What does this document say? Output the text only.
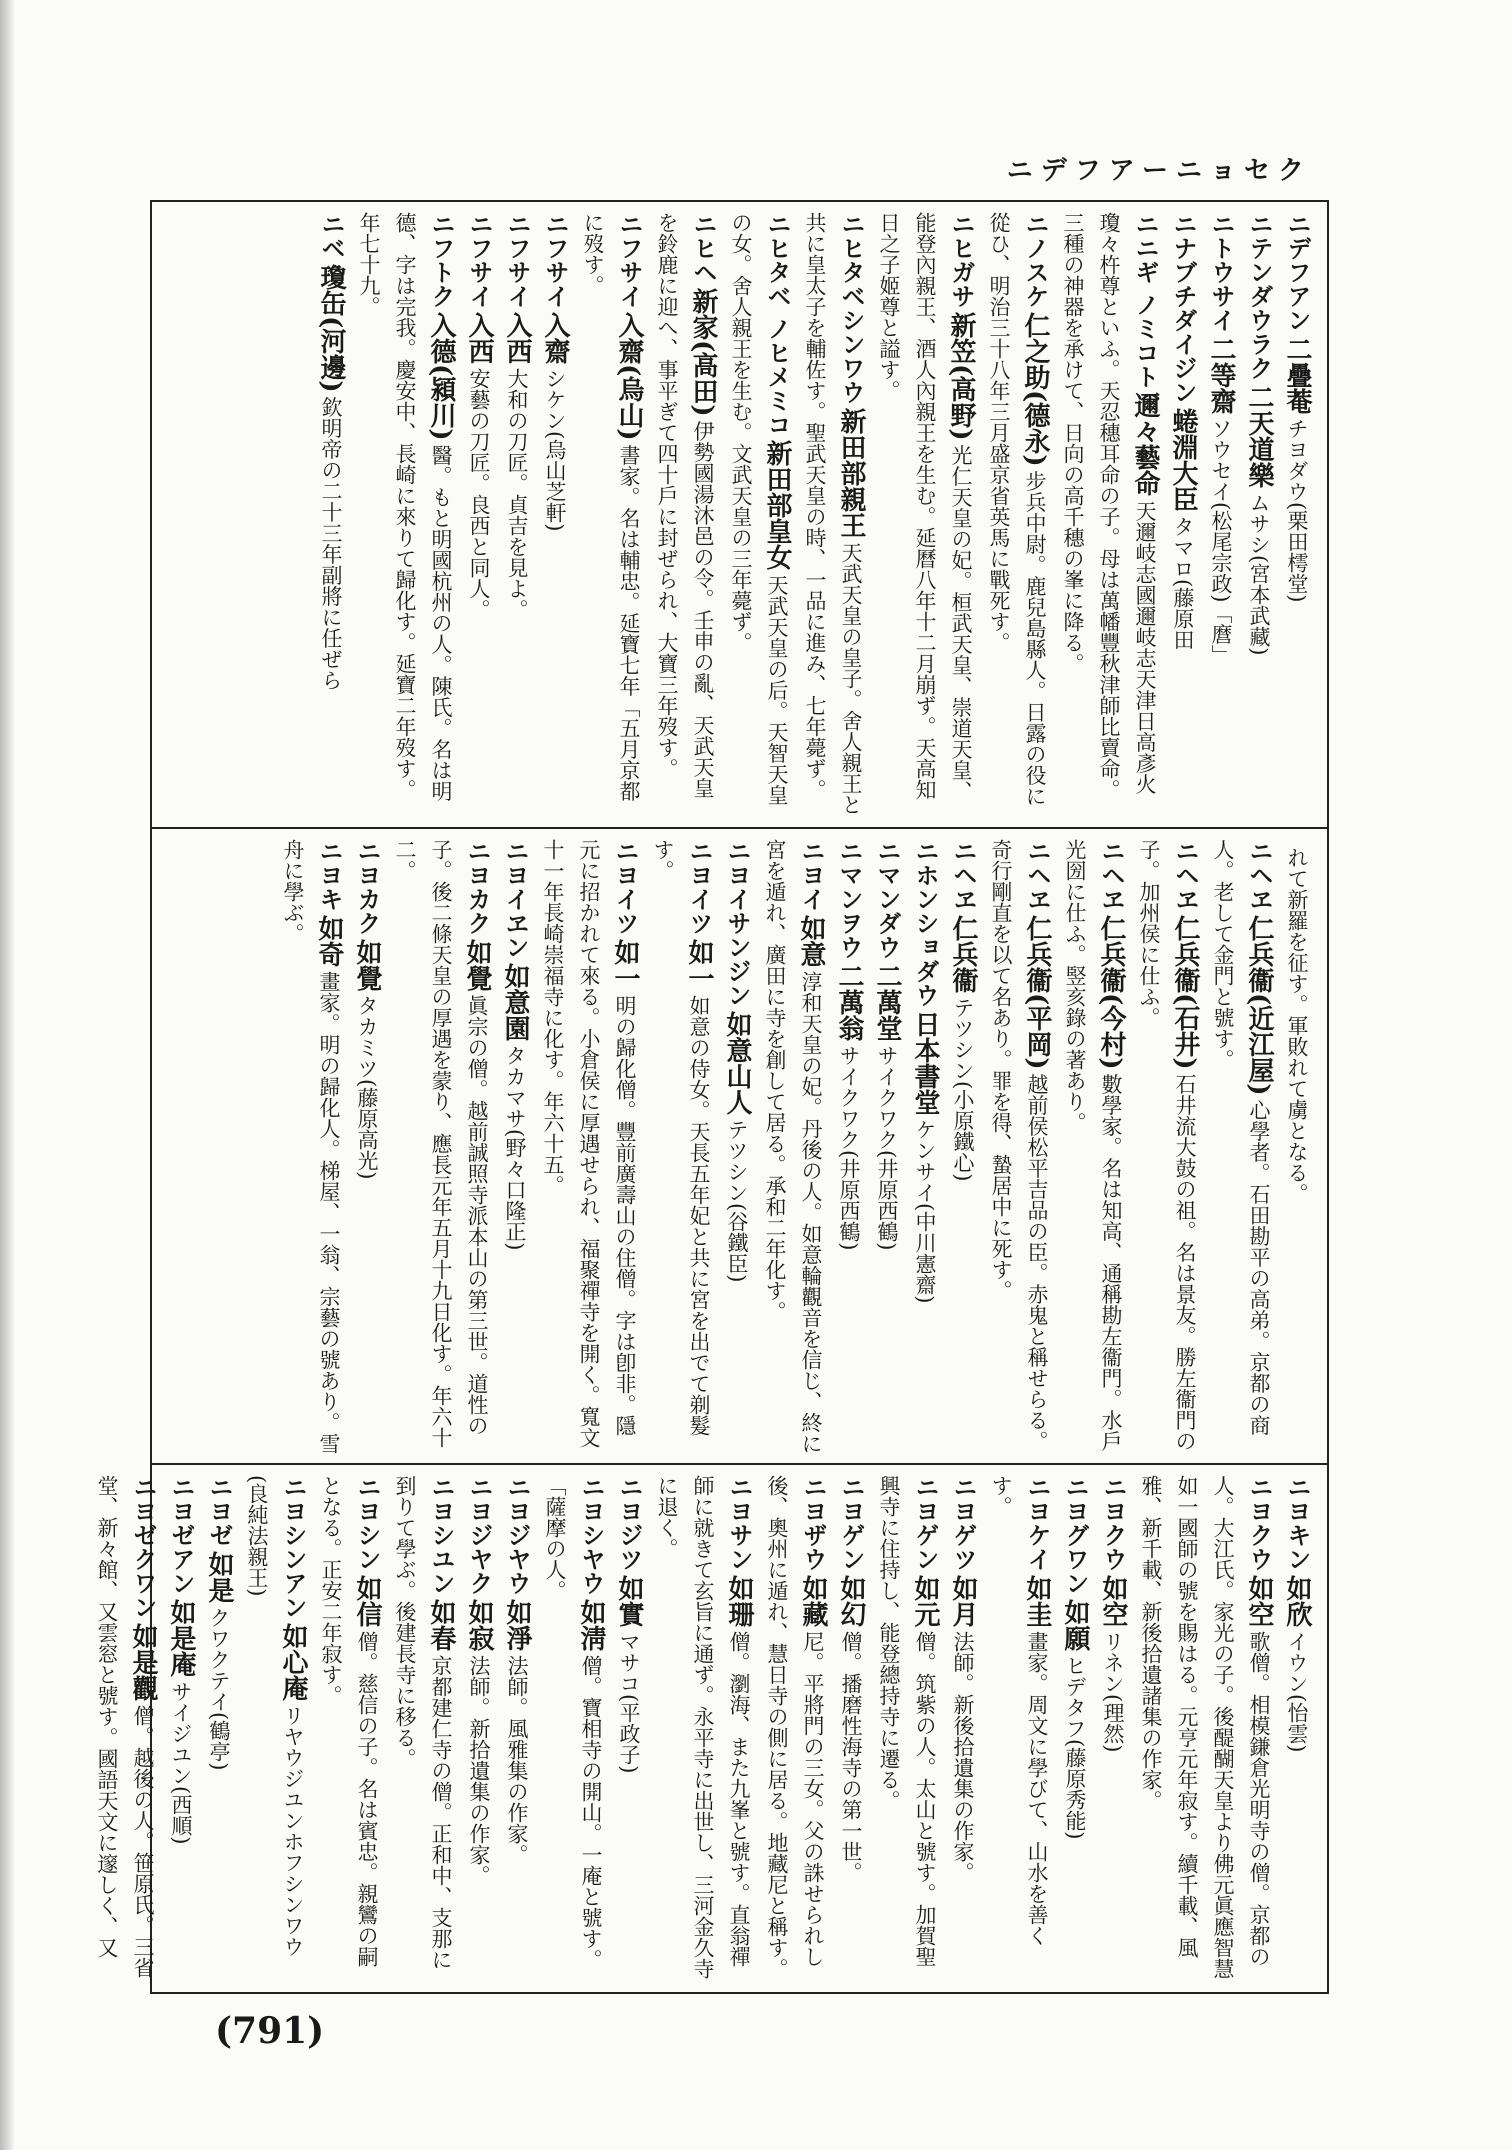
ニデフアーニョセク
ニデフアン二疊菴チヨダウ(栗田樗堂)
ニテンダウラク二天道樂ムサシ(宮本武藏)
ニトウサイ二等齋ソウセイ(松尾宗政)「麿」
ニナブチダイジン蜷淵大臣タマロ(藤原田
ニニギ ノミコト邇々藝命天邇岐志國邇岐志天津日高彥火瓊々杵尊といふ。天忍穗耳命の子。母は萬幡豐秋津師比賣命。三種の神器を承けて、日向の高千穗の峯に降る。
ニノスケ仁之助(德永)步兵中尉。鹿兒島縣人。日露の役に從ひ、明治三十八年三月盛京省英馬に戰死す。
ニヒガサ新笠(高野)光仁天皇の妃。桓武天皇、崇道天皇、能登內親王、酒人內親王を生む。延曆八年十二月崩ず。天高知日之子姬尊と謚す。
ニヒタベシンワウ新田部親王天武天皇の皇子。舍人親王と共に皇太子を輔佐す。聖武天皇の時、一品に進み、七年薨ず。
ニヒタベ ノヒメミコ新田部皇女天武天皇の后。天智天皇の女。舍人親王を生む。文武天皇の三年薨ず。
ニヒヘ新家(高田)伊勢國湯沐邑の令。壬申の亂、天武天皇を鈴鹿に迎へ、事平ぎて四十戶に封ぜられ、大寶三年歿す。
ニフサイ入齋(烏山)書家。名は輔忠。延寶七年「五月京都に歿す。
ニフサイ入齋シケン(烏山芝軒)
ニフサイ入西大和の刀匠。貞吉を見よ。
ニフサイ入西安藝の刀匠。良西と同人。
ニフトク入德(潁川)醫。もと明國杭州の人。陳氏。名は明德、字は完我。慶安中、長崎に來りて歸化す。延寶二年歿す。年七十九。
ニベ瓊缶(河邊)欽明帝の二十三年副將に任ぜら
れて新羅を征す。軍敗れて虜となる。
ニヘヱ仁兵衞(近江屋)心學者。石田勘平の高弟。京都の商人。老して金門と號す。
ニヘヱ仁兵衞(石井)石井流大鼓の祖。名は景友。勝左衞門の子。加州侯に仕ふ。
ニヘヱ仁兵衞(今村)數學家。名は知高、通稱勘左衞門。水戶光圀に仕ふ。竪亥錄の著あり。
ニヘヱ仁兵衞(平岡)越前侯松平吉品の臣。赤鬼と稱せらる。奇行剛直を以て名あり。罪を得、蟄居中に死す。
ニヘヱ仁兵衞テツシン(小原鐵心)
ニホンショダウ日本書堂ケンサイ(中川憲齋)
ニマンダウ二萬堂サイクワク(井原西鶴)
ニマンヲウ二萬翁サイクワク(井原西鶴)
ニヨイ如意淳和天皇の妃。丹後の人。如意輪觀音を信じ、終に宮を遁れ、廣田に寺を創して居る。承和二年化す。
ニヨイサンジン如意山人テツシン(谷鐵臣)
ニヨイツ如一如意の侍女。天長五年妃と共に宮を出でて剃髮す。
ニヨイツ如一明の歸化僧。豐前廣壽山の住僧。字は卽非。隱元に招かれて來る。小倉侯に厚遇せられ、福聚禪寺を開く。寬文十一年長崎崇福寺に化す。年六十五。
ニヨイヱン如意園タカマサ(野々口隆正)
ニヨカク如覺眞宗の僧。越前誠照寺派本山の第三世。道性の子。後二條天皇の厚遇を蒙り、應長元年五月十九日化す。年六十二。
ニヨカク如覺タカミツ(藤原高光)
ニヨキ如奇畫家。明の歸化人。梯屋、一翁、宗藝の號あり。雪舟に學ぶ。
ニヨキン如欣イウン(怡雲)
ニヨクウ如空歌僧。相模鎌倉光明寺の僧。京都の人。大江氏。家光の子。後醍醐天皇より佛元眞應智慧如一國師の號を賜はる。元亨元年寂す。續千載、風雅、新千載、新後拾遺諸集の作家。
ニヨクウ如空リネン(理然)
ニヨグワン如願ヒデタフ(藤原秀能)
ニヨケイ如圭畫家。周文に學びて、山水を善くす。
ニヨゲツ如月法師。新後拾遺集の作家。
ニヨゲン如元僧。筑紫の人。太山と號す。加賀聖興寺に住持し、能登總持寺に遷る。
ニヨゲン如幻僧。播磨性海寺の第一世。
ニヨザウ如藏尼。平將門の三女。父の誅せられし後、奧州に遁れ、慧日寺の側に居る。地藏尼と稱す。
ニヨサン如珊僧。瀏海、また九峯と號す。直翁禪師に就きて玄旨に通ず。永平寺に出世し、三河金久寺に退く。
ニヨジツ如實マサコ(平政子)
ニヨシヤウ如淸僧。寶相寺の開山。一庵と號す。「薩摩の人。
ニヨジヤウ如淨法師。風雅集の作家。
ニヨジヤク如寂法師。新拾遺集の作家。
ニヨシユン如春京都建仁寺の僧。正和中、支那に到りて學ぶ。後建長寺に移る。
ニヨシン如信僧。慈信の子。名は賓忠。親鸞の嗣となる。正安二年寂す。
ニヨシンアン如心庵リヤウジユンホフシンワウ(良純法親王)
ニヨゼ如是クワクテイ(鶴亭)
ニヨゼアン如是庵サイジユン(西順)
ニヨゼクワン如是觀僧。越後の人。笹原氏。三省堂、新々館、又雲窓と號す。國語天文に邃しく、又
(791)
